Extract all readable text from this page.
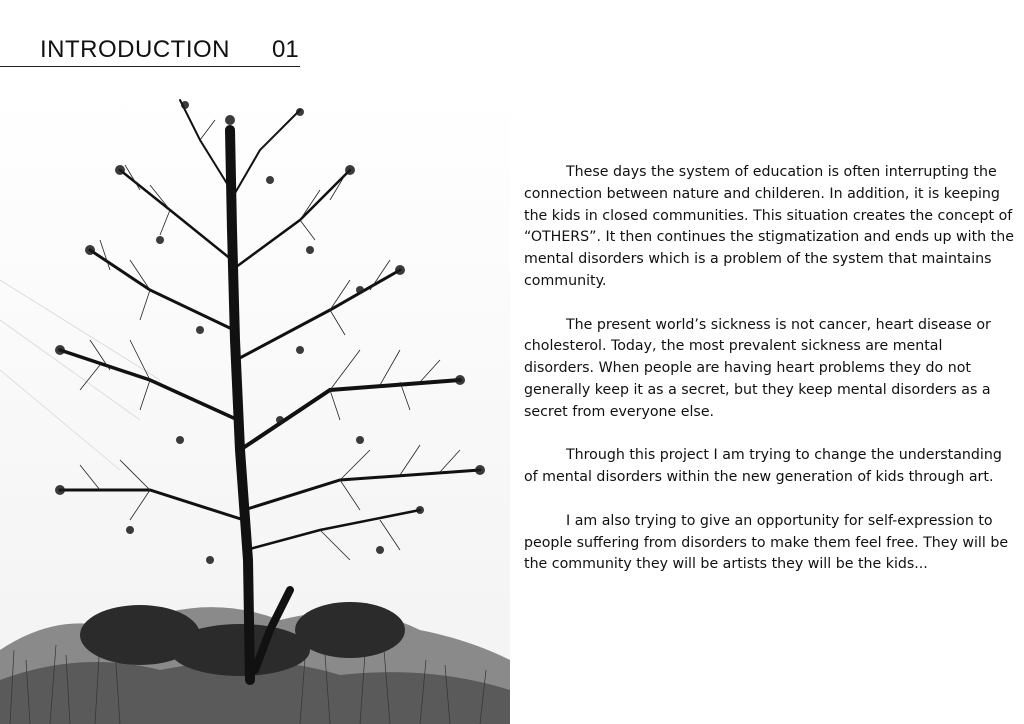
INTRODUCTION 01

These days the system of education is often interrupting the connection between nature and childeren. In addition, it is keeping the kids in closed communities. This situation creates the concept of “OTHERS”. It then continues the stigmatization and ends up with the mental disorders which is a problem of the system that maintains community.

The present world’s sickness is not cancer, heart disease or cholesterol. Today, the most prevalent sickness are mental disorders. When people are having heart problems they do not generally keep it as a secret, but they keep mental disorders as a secret from everyone else.

Through this project I am trying to change the understanding of mental disorders within the new generation of kids through art.

I am also trying to give an opportunity for self-expression to people suffering from disorders to make them feel free. They will be the community they will be artists they will be the kids...
